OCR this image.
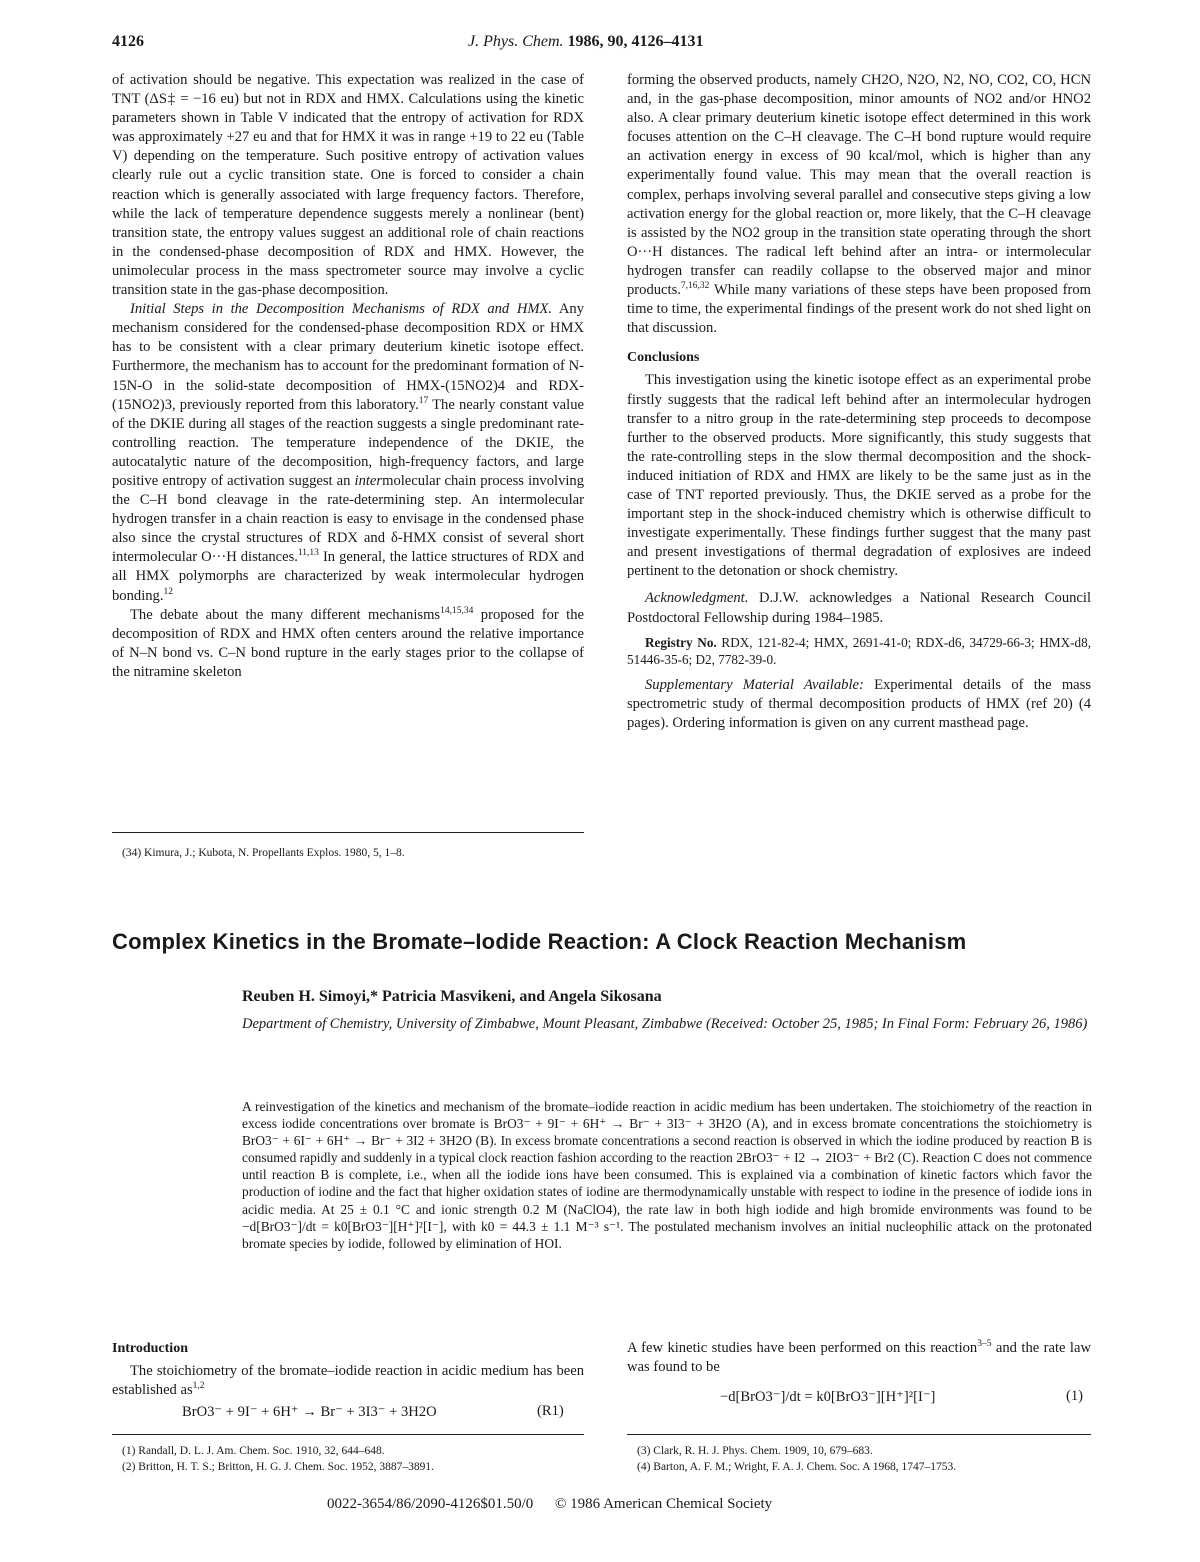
4126	J. Phys. Chem. 1986, 90, 4126–4131

of activation should be negative. This expectation was realized in the case of TNT (ΔS‡ = −16 eu) but not in RDX and HMX. Calculations using the kinetic parameters shown in Table V indicated that the entropy of activation for RDX was approximately +27 eu and that for HMX it was in range +19 to 22 eu (Table V) depending on the temperature. Such positive entropy of activation values clearly rule out a cyclic transition state. One is forced to consider a chain reaction which is generally associated with large frequency factors. Therefore, while the lack of temperature dependence suggests merely a nonlinear (bent) transition state, the entropy values suggest an additional role of chain reactions in the condensed-phase decomposition of RDX and HMX. However, the unimolecular process in the mass spectrometer source may involve a cyclic transition state in the gas-phase decomposition.

Initial Steps in the Decomposition Mechanisms of RDX and HMX. Any mechanism considered for the condensed-phase decomposition RDX or HMX has to be consistent with a clear primary deuterium kinetic isotope effect. Furthermore, the mechanism has to account for the predominant formation of N-15N-O in the solid-state decomposition of HMX-(15NO2)4 and RDX-(15NO2)3, previously reported from this laboratory.$^{17}$ The nearly constant value of the DKIE during all stages of the reaction suggests a single predominant rate-controlling reaction. The temperature independence of the DKIE, the autocatalytic nature of the decomposition, high-frequency factors, and large positive entropy of activation suggest an intermolecular chain process involving the C–H bond cleavage in the rate-determining step. An intermolecular hydrogen transfer in a chain reaction is easy to envisage in the condensed phase also since the crystal structures of RDX and δ-HMX consist of several short intermolecular O···H distances.$^{11,13}$ In general, the lattice structures of RDX and all HMX polymorphs are characterized by weak intermolecular hydrogen bonding.$^{12}$

The debate about the many different mechanisms$^{14,15,34}$ proposed for the decomposition of RDX and HMX often centers around the relative importance of N–N bond vs. C–N bond rupture in the early stages prior to the collapse of the nitramine skeleton

(34) Kimura, J.; Kubota, N. Propellants Explos. 1980, 5, 1–8.

forming the observed products, namely CH2O, N2O, N2, NO, CO2, CO, HCN and, in the gas-phase decomposition, minor amounts of NO2 and/or HNO2 also. A clear primary deuterium kinetic isotope effect determined in this work focuses attention on the C–H cleavage. The C–H bond rupture would require an activation energy in excess of 90 kcal/mol, which is higher than any experimentally found value. This may mean that the overall reaction is complex, perhaps involving several parallel and consecutive steps giving a low activation energy for the global reaction or, more likely, that the C–H cleavage is assisted by the NO2 group in the transition state operating through the short O···H distances. The radical left behind after an intra- or intermolecular hydrogen transfer can readily collapse to the observed major and minor products.$^{7,16,32}$ While many variations of these steps have been proposed from time to time, the experimental findings of the present work do not shed light on that discussion.

Conclusions

This investigation using the kinetic isotope effect as an experimental probe firstly suggests that the radical left behind after an intermolecular hydrogen transfer to a nitro group in the rate-determining step proceeds to decompose further to the observed products. More significantly, this study suggests that the rate-controlling steps in the slow thermal decomposition and the shock-induced initiation of RDX and HMX are likely to be the same just as in the case of TNT reported previously. Thus, the DKIE served as a probe for the important step in the shock-induced chemistry which is otherwise difficult to investigate experimentally. These findings further suggest that the many past and present investigations of thermal degradation of explosives are indeed pertinent to the detonation or shock chemistry.

Acknowledgment. D.J.W. acknowledges a National Research Council Postdoctoral Fellowship during 1984–1985.

Registry No. RDX, 121-82-4; HMX, 2691-41-0; RDX-d6, 34729-66-3; HMX-d8, 51446-35-6; D2, 7782-39-0.

Supplementary Material Available: Experimental details of the mass spectrometric study of thermal decomposition products of HMX (ref 20) (4 pages). Ordering information is given on any current masthead page.

Complex Kinetics in the Bromate–Iodide Reaction: A Clock Reaction Mechanism
Reuben H. Simoyi,* Patricia Masvikeni, and Angela Sikosana
Department of Chemistry, University of Zimbabwe, Mount Pleasant, Zimbabwe (Received: October 25, 1985; In Final Form: February 26, 1986)
A reinvestigation of the kinetics and mechanism of the bromate–iodide reaction in acidic medium has been undertaken. The stoichiometry of the reaction in excess iodide concentrations over bromate is BrO3⁻ + 9I⁻ + 6H⁺ → Br⁻ + 3I3⁻ + 3H2O (A), and in excess bromate concentrations the stoichiometry is BrO3⁻ + 6I⁻ + 6H⁺ → Br⁻ + 3I2 + 3H2O (B). In excess bromate concentrations a second reaction is observed in which the iodine produced by reaction B is consumed rapidly and suddenly in a typical clock reaction fashion according to the reaction 2BrO3⁻ + I2 → 2IO3⁻ + Br2 (C). Reaction C does not commence until reaction B is complete, i.e., when all the iodide ions have been consumed. This is explained via a combination of kinetic factors which favor the production of iodine and the fact that higher oxidation states of iodine are thermodynamically unstable with respect to iodine in the presence of iodide ions in acidic media. At 25 ± 0.1 °C and ionic strength 0.2 M (NaClO4), the rate law in both high iodide and high bromide environments was found to be −d[BrO3⁻]/dt = k0[BrO3⁻][H⁺]²[I⁻], with k0 = 44.3 ± 1.1 M⁻³ s⁻¹. The postulated mechanism involves an initial nucleophilic attack on the protonated bromate species by iodide, followed by elimination of HOI.
Introduction

The stoichiometry of the bromate–iodide reaction in acidic medium has been established as$^{1,2}$

BrO3⁻ + 9I⁻ + 6H⁺ → Br⁻ + 3I3⁻ + 3H2O	(R1)

A few kinetic studies have been performed on this reaction$^{3-5}$ and the rate law was found to be

−d[BrO3⁻]/dt = k0[BrO3⁻][H⁺]²[I⁻]	(1)
(1) Randall, D. L. J. Am. Chem. Soc. 1910, 32, 644–648.
(2) Britton, H. T. S.; Britton, H. G. J. Chem. Soc. 1952, 3887–3891.
(3) Clark, R. H. J. Phys. Chem. 1909, 10, 679–683.
(4) Barton, A. F. M.; Wright, F. A. J. Chem. Soc. A 1968, 1747–1753.
0022-3654/86/2090-4126$01.50/0 © 1986 American Chemical Society
